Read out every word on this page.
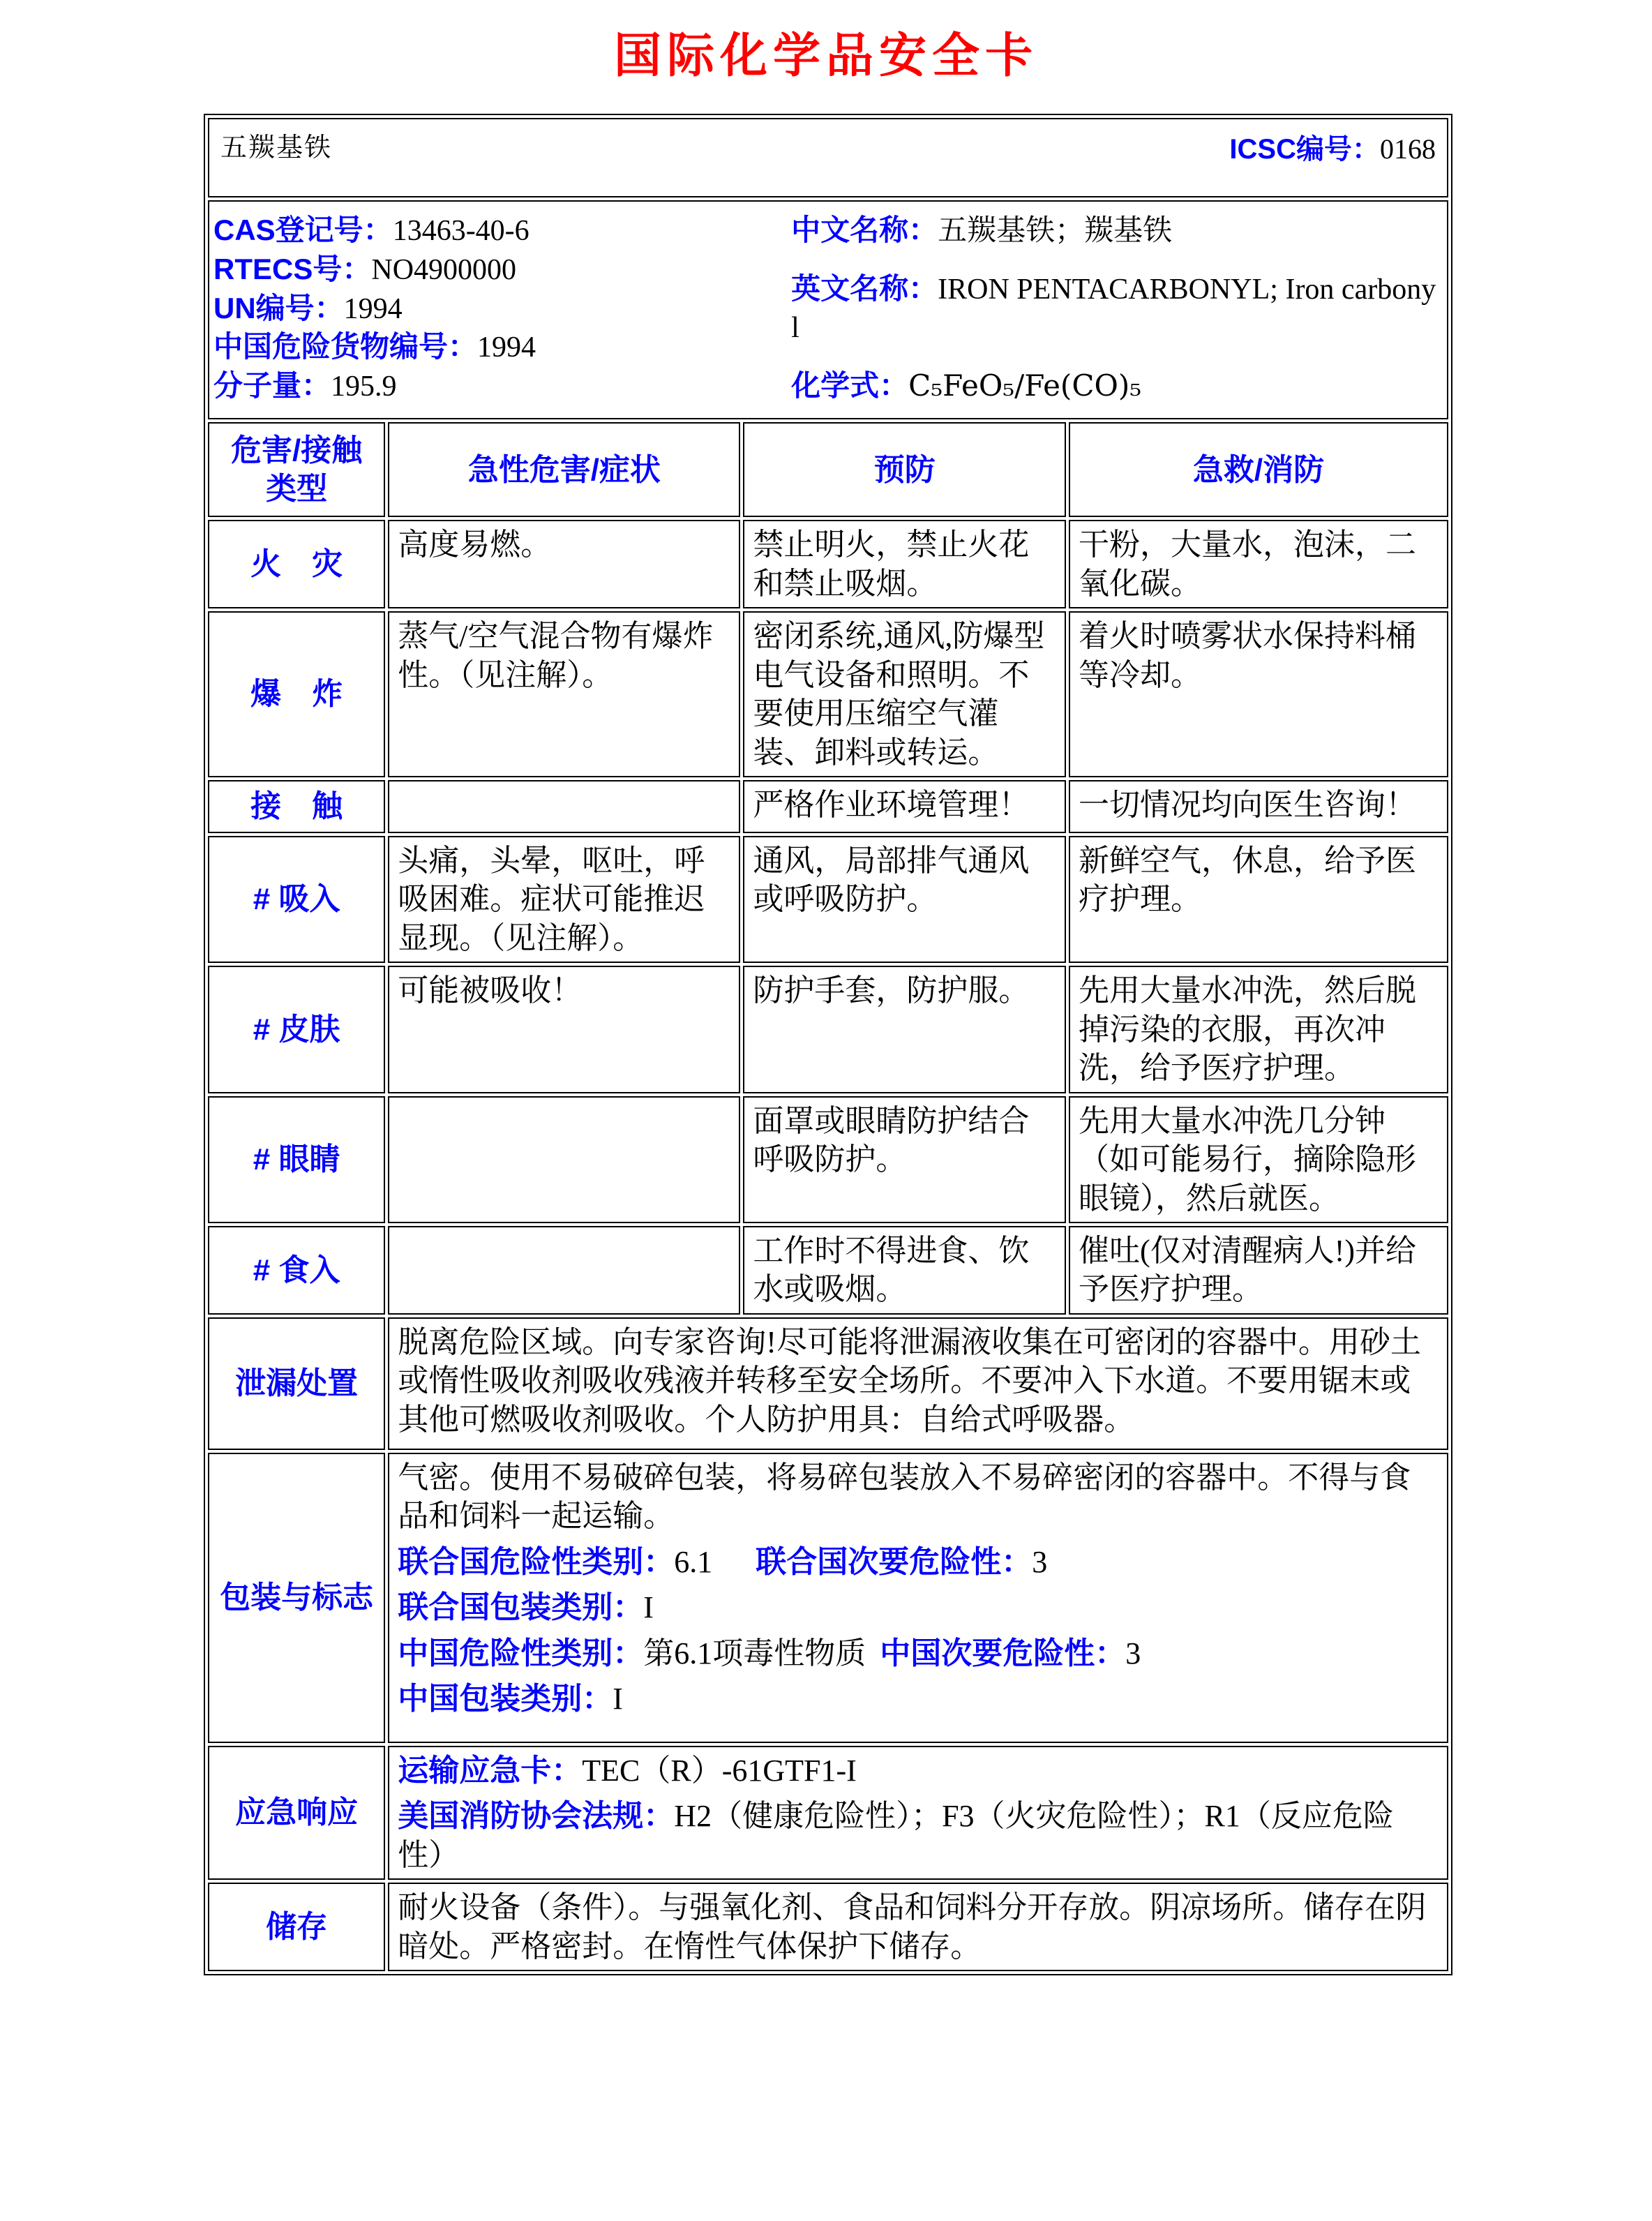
国际化学品安全卡
五羰基铁 ICSC编号：0168			

CAS登记号：13463-40-6
RTECS号：NO4900000
UN编号：1994
中国危险货物编号：1994
分子量：195.9
中文名称：五羰基铁；羰基铁
英文名称：IRON PENTACARBONYL; Iron carbonyl
化学式：C₅FeO₅/Fe(CO)₅

危害/接触
类型	急性危害/症状	预防	急救/消防
火　灾	高度易燃。	禁止明火，禁止火花和禁止吸烟。	干粉，大量水，泡沫，二氧化碳。
爆　炸	蒸气/空气混合物有爆炸性。（见注解）。	密闭系统,通风,防爆型电气设备和照明。不要使用压缩空气灌装、卸料或转运。	着火时喷雾状水保持料桶等冷却。
接　触		严格作业环境管理！	一切情况均向医生咨询！
# 吸入	头痛，头晕，呕吐，呼吸困难。症状可能推迟显现。（见注解）。	通风，局部排气通风或呼吸防护。	新鲜空气，休息，给予医疗护理。
# 皮肤	可能被吸收！	防护手套，防护服。	先用大量水冲洗，然后脱掉污染的衣服，再次冲洗，给予医疗护理。
# 眼睛		面罩或眼睛防护结合呼吸防护。	先用大量水冲洗几分钟（如可能易行，摘除隐形眼镜），然后就医。
# 食入		工作时不得进食、饮水或吸烟。	催吐(仅对清醒病人!)并给予医疗护理。
泄漏处置	脱离危险区域。向专家咨询!尽可能将泄漏液收集在可密闭的容器中。用砂土或惰性吸收剂吸收残液并转移至安全场所。不要冲入下水道。不要用锯末或其他可燃吸收剂吸收。个人防护用具：自给式呼吸器。		
包装与标志	气密。使用不易破碎包装，将易碎包装放入不易碎密闭的容器中。不得与食品和饲料一起运输。
联合国危险性类别：6.1 联合国次要危险性：3
联合国包装类别：I
中国危险性类别：第6.1项毒性物质 中国次要危险性：3
中国包装类别：I		

应急响应	运输应急卡：TEC（R）-61GTF1-I
美国消防协会法规：H2（健康危险性）；F3（火灾危险性）；R1（反应危险性）		

储存	耐火设备（条件）。与强氧化剂、食品和饲料分开存放。阴凉场所。储存在阴暗处。严格密封。在惰性气体保护下储存。		
